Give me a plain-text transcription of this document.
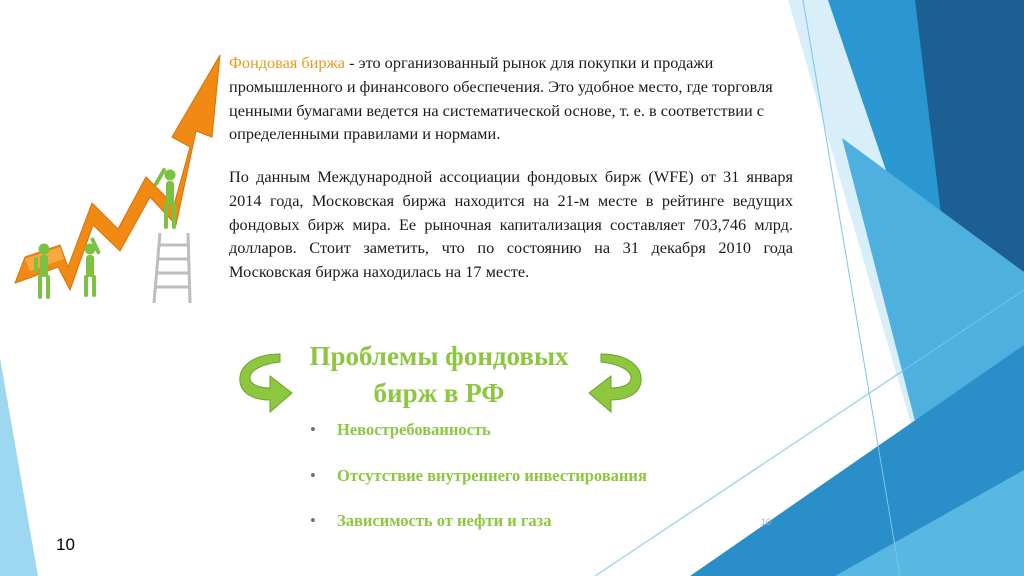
Фондовая биржа - это организованный рынок для покупки и продажи промышленного и финансового обеспечения. Это удобное место, где торговля ценными бумагами ведется на систематической основе, т. е. в соответствии с определенными правилами и нормами.

По данным Международной ассоциации фондовых бирж (WFE) от 31 января 2014 года, Московская биржа находится на 21-м месте в рейтинге ведущих фондовых бирж мира. Ее рыночная капитализация составляет 703,746 млрд. долларов. Стоит заметить, что по состоянию на 31 декабря 2010 года Московская биржа находилась на 17 месте.

Проблемы фондовых
бирж в РФ
• Невостребованность
• Отсутствие внутреннего инвестирования
• Зависимость от нефти и газа	10
10
